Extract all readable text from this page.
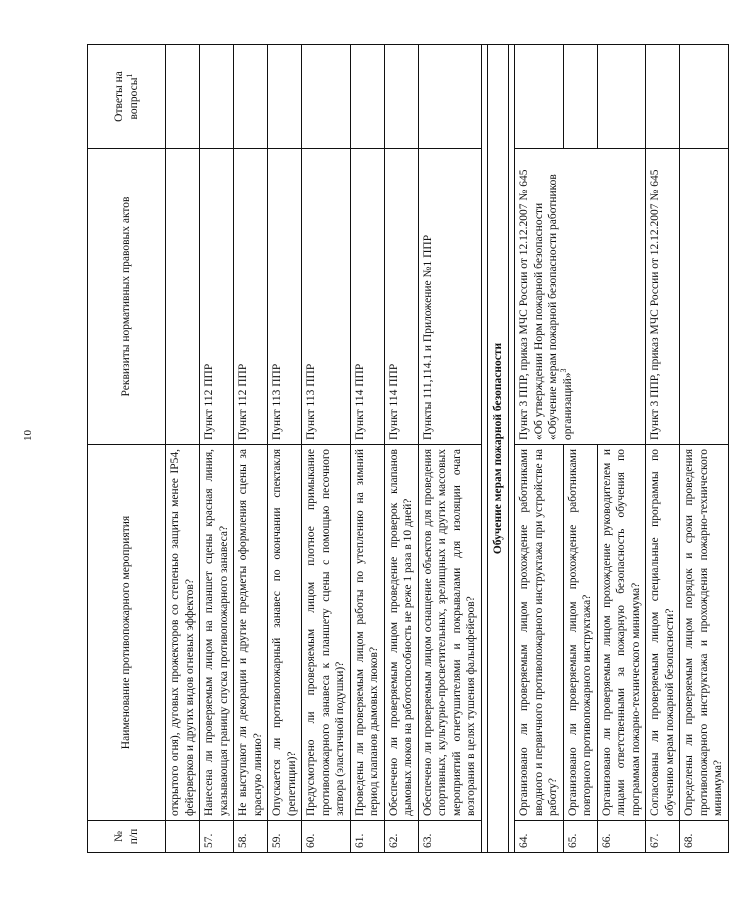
10
№
п/п	Наименование противопожарного мероприятия	Реквизиты нормативных правовых актов	Ответы на вопросы$^1$
	открытого огня), дуговых прожекторов со степенью защиты менее IP54, фейерверков и других видов огневых эффектов?		
57.	Нанесена ли проверяемым лицом на планшет сцены красная линия, указывающая границу спуска противопожарного занавеса?	Пункт 112 ППР	
58.	Не выступают ли декорации и другие предметы оформления сцены за красную линию?	Пункт 112 ППР	
59.	Опускается ли противопожарный занавес по окончании спектакля (репетиции)?	Пункт 113 ППР	
60.	Предусмотрено ли проверяемым лицом плотное примыкание противопожарного занавеса к планшету сцены с помощью песочного затвора (эластичной подушки)?	Пункт 113 ППР	
61.	Проведены ли проверяемым лицом работы по утеплению на зимний период клапанов дымовых люков?	Пункт 114 ППР	
62.	Обеспечено ли проверяемым лицом проведение проверок клапанов дымовых люков на работоспособность не реже 1 раза в 10 дней?	Пункт 114 ППР	
63.	Обеспечено ли проверяемым лицом оснащение объектов для проведения спортивных, культурно-просветительных, зрелищных и других массовых мероприятий огнетушителями и покрывалами для изоляции очага возгорания в целях тушения фальшфейеров?	Пункты 111,114.1 и Приложение №1 ППР	

Обучение мерам пожарной безопасности			

64.	Организовано ли проверяемым лицом прохождение работниками вводного и первичного противопожарного инструктажа при устройстве на работу?	Пункт 3 ППР, приказ МЧС России от 12.12.2007 № 645 «Об утверждении Норм пожарной безопасности «Обучение мерам пожарной безопасности работников организаций»$^3$	
65.	Организовано ли проверяемым лицом прохождение работниками повторного противопожарного инструктажа?		
66.	Организовано ли проверяемым лицом прохождение руководителем и лицами ответственными за пожарную безопасность обучения по программам пожарно-технического минимума?		
67.	Согласованы ли проверяемым лицом специальные программы по обучению мерам пожарной безопасности?	Пункт 3 ППР, приказ МЧС России от 12.12.2007 № 645	
68.	Определены ли проверяемым лицом порядок и сроки проведения противопожарного инструктажа и прохождения пожарно-технического минимума?		
